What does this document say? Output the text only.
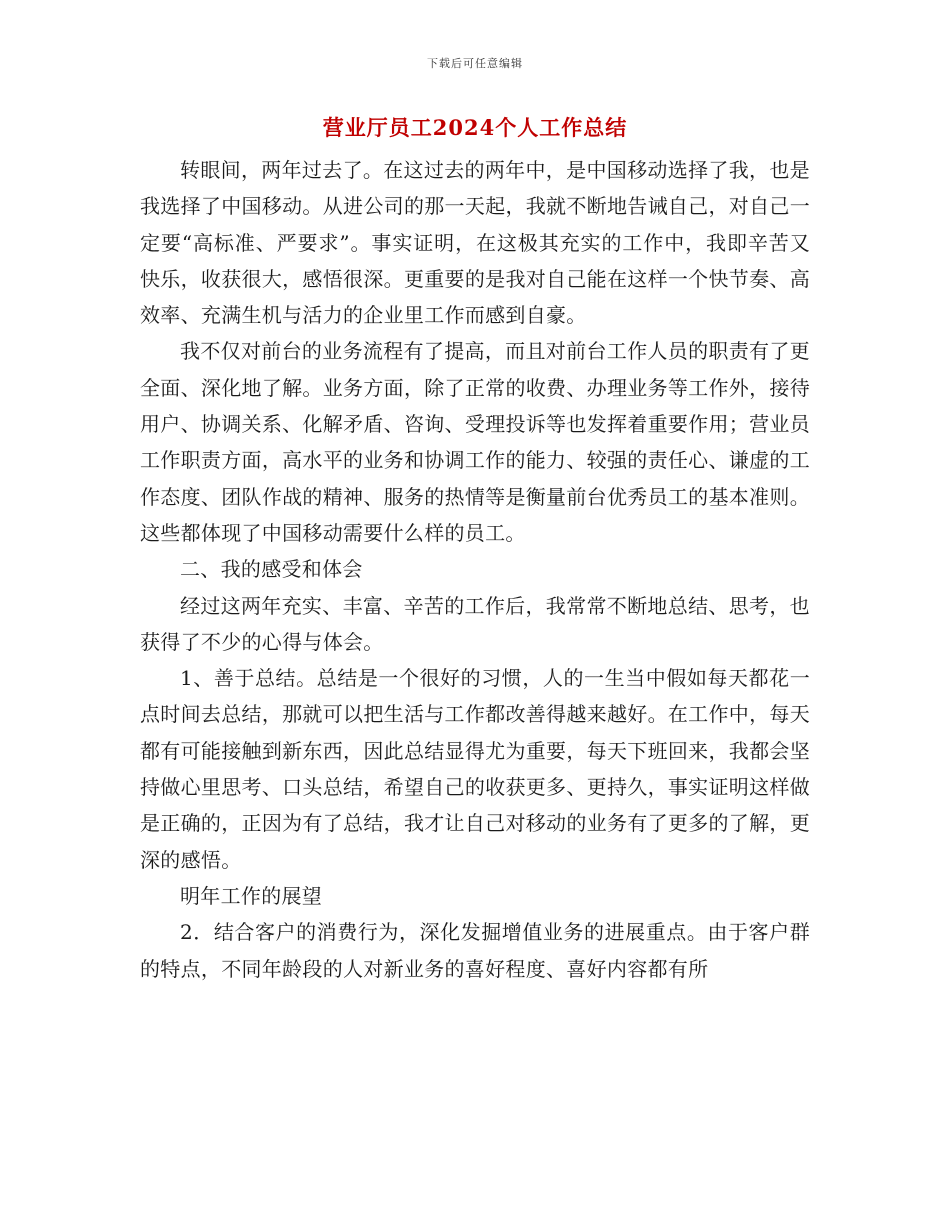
下载后可任意编辑
营业厅员工2024个人工作总结

转眼间，两年过去了。在这过去的两年中，是中国移动选择了我，也是我选择了中国移动。从进公司的那一天起，我就不断地告诫自己，对自己一定要“高标准、严要求”。事实证明，在这极其充实的工作中，我即辛苦又快乐，收获很大，感悟很深。更重要的是我对自己能在这样一个快节奏、高效率、充满生机与活力的企业里工作而感到自豪。

我不仅对前台的业务流程有了提高，而且对前台工作人员的职责有了更全面、深化地了解。业务方面，除了正常的收费、办理业务等工作外，接待用户、协调关系、化解矛盾、咨询、受理投诉等也发挥着重要作用；营业员工作职责方面，高水平的业务和协调工作的能力、较强的责任心、谦虚的工作态度、团队作战的精神、服务的热情等是衡量前台优秀员工的基本准则。这些都体现了中国移动需要什么样的员工。

二、我的感受和体会

经过这两年充实、丰富、辛苦的工作后，我常常不断地总结、思考，也获得了不少的心得与体会。

1、善于总结。总结是一个很好的习惯，人的一生当中假如每天都花一点时间去总结，那就可以把生活与工作都改善得越来越好。在工作中，每天都有可能接触到新东西，因此总结显得尤为重要，每天下班回来，我都会坚持做心里思考、口头总结，希望自己的收获更多、更持久，事实证明这样做是正确的，正因为有了总结，我才让自己对移动的业务有了更多的了解，更深的感悟。

明年工作的展望

2．结合客户的消费行为，深化发掘增值业务的进展重点。由于客户群的特点，不同年龄段的人对新业务的喜好程度、喜好内容都有所
